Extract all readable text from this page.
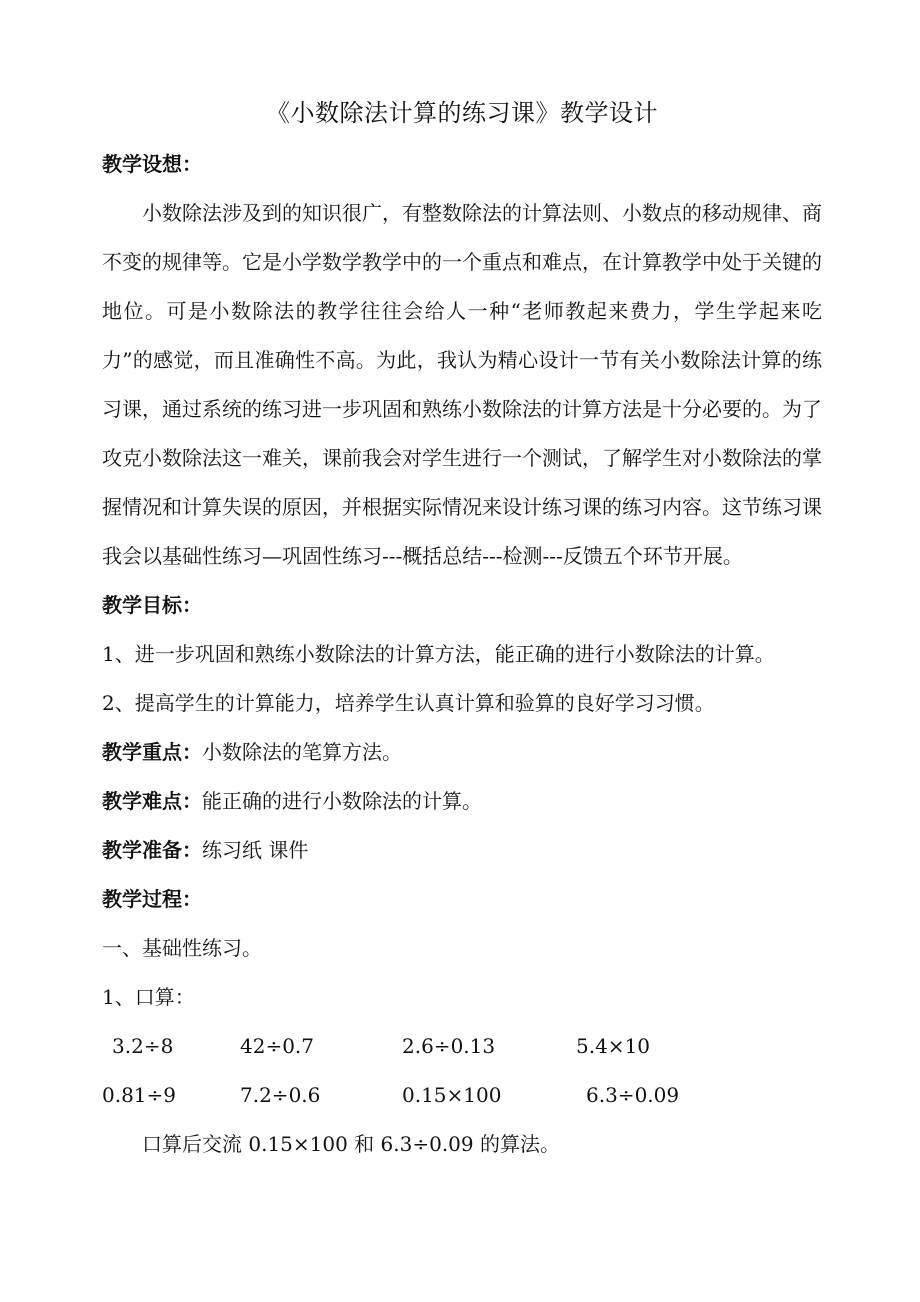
《小数除法计算的练习课》教学设计

教学设想：

小数除法涉及到的知识很广，有整数除法的计算法则、小数点的移动规律、商不变的规律等。它是小学数学教学中的一个重点和难点，在计算教学中处于关键的地位。可是小数除法的教学往往会给人一种“老师教起来费力，学生学起来吃力”的感觉，而且准确性不高。为此，我认为精心设计一节有关小数除法计算的练习课，通过系统的练习进一步巩固和熟练小数除法的计算方法是十分必要的。为了攻克小数除法这一难关，课前我会对学生进行一个测试，了解学生对小数除法的掌握情况和计算失误的原因，并根据实际情况来设计练习课的练习内容。这节练习课我会以基础性练习—巩固性练习---概括总结---检测---反馈五个环节开展。

教学目标：

1、进一步巩固和熟练小数除法的计算方法，能正确的进行小数除法的计算。

2、提高学生的计算能力，培养学生认真计算和验算的良好学习习惯。

教学重点：小数除法的笔算方法。

教学难点：能正确的进行小数除法的计算。

教学准备：练习纸 课件

教学过程：

一、基础性练习。

1、口算：

3.2÷8	42÷0.7	2.6÷0.13	5.4×10
0.81÷9	7.2÷0.6	0.15×100	6.3÷0.09

口算后交流 0.15×100 和 6.3÷0.09 的算法。
